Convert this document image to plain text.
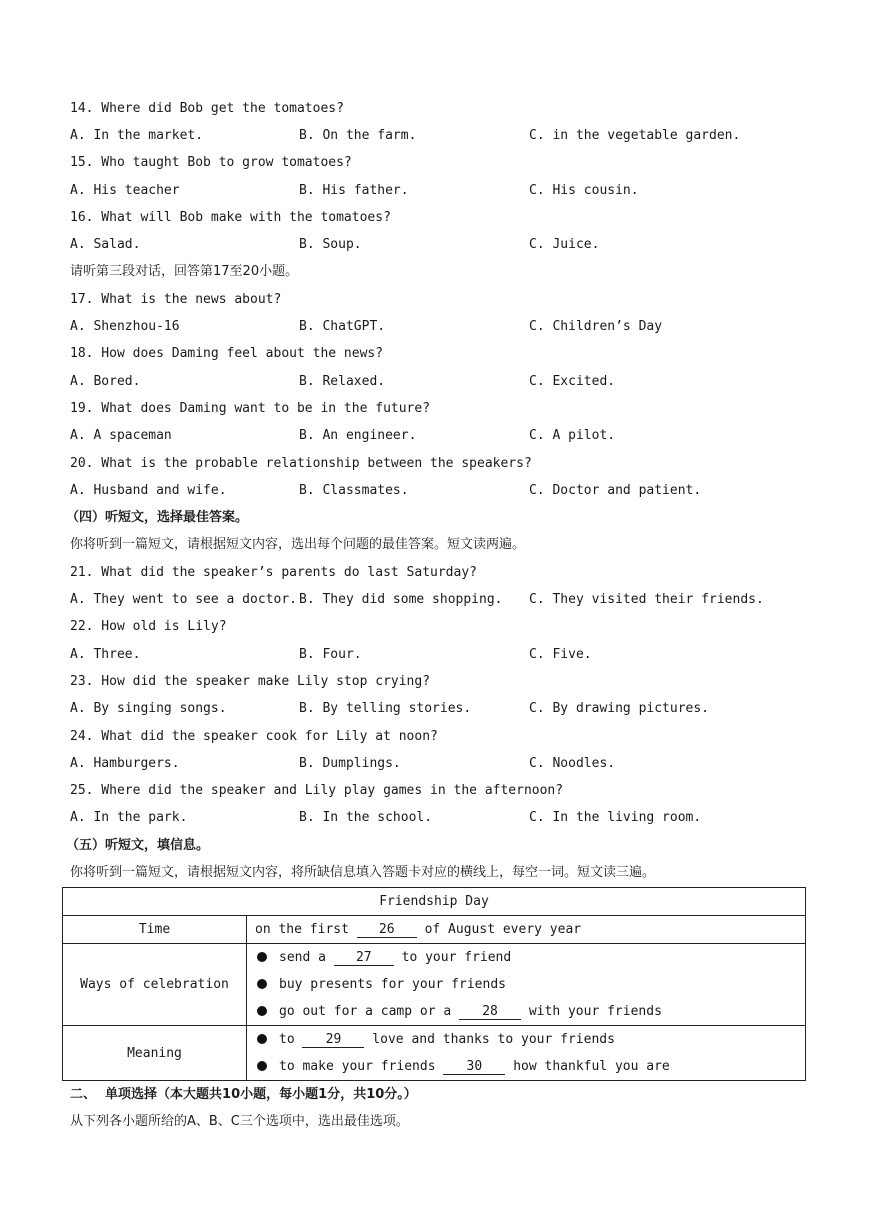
14. Where did Bob get the tomatoes?
A. In the market.	B. On the farm.	C. in the vegetable garden.
15. Who taught Bob to grow tomatoes?
A. His teacher	B. His father.	C. His cousin.
16. What will Bob make with the tomatoes?
A. Salad.	B. Soup.	C. Juice.
请听第三段对话，回答第17至20小题。
17. What is the news about?
A. Shenzhou-16	B. ChatGPT.	C. Children’s Day
18. How does Daming feel about the news?
A. Bored.	B. Relaxed.	C. Excited.
19. What does Daming want to be in the future?
A. A spaceman	B. An engineer.	C. A pilot.
20. What is the probable relationship between the speakers?
A. Husband and wife.	B. Classmates.	C. Doctor and patient.
（四）听短文，选择最佳答案。
你将听到一篇短文，请根据短文内容，选出每个问题的最佳答案。短文读两遍。
21. What did the speaker’s parents do last Saturday?
A. They went to see a doctor. B. They did some shopping. C. They visited their friends.
22. How old is Lily?
A. Three.	B. Four.	C. Five.
23. How did the speaker make Lily stop crying?
A. By singing songs.	B. By telling stories.	C. By drawing pictures.
24. What did the speaker cook for Lily at noon?
A. Hamburgers.	B. Dumplings.	C. Noodles.
25. Where did the speaker and Lily play games in the afternoon?
A. In the park.	B. In the school.	C. In the living room.
（五）听短文，填信息。
你将听到一篇短文，请根据短文内容，将所缺信息填入答题卡对应的横线上，每空一词。短文读三遍。
Friendship Day	
Time	on the first 26 of August every year

Ways of celebration	send a 27 to your friend
buy presents for your friends
go out for a camp or a 28 with your friends

Meaning	to 29 love and thanks to your friends
to make your friends 30 how thankful you are
二、  单项选择（本大题共10小题，每小题1分，共10分。）
从下列各小题所给的A、B、C三个选项中，选出最佳选项。
